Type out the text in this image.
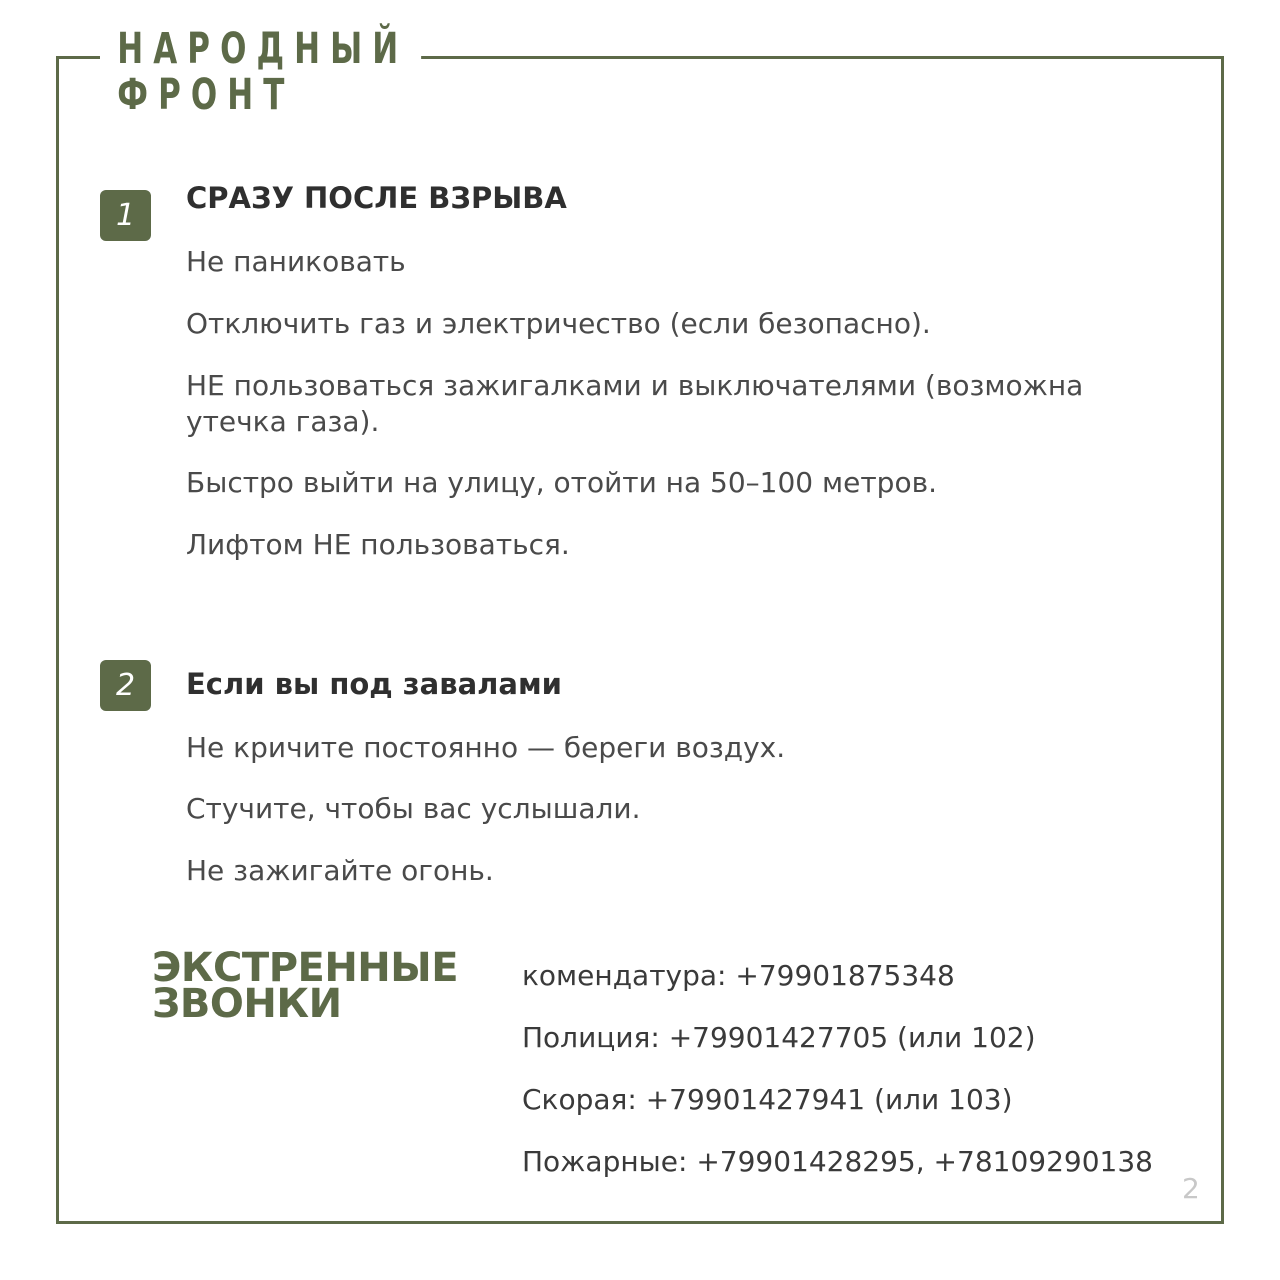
НАРОДНЫЙ
ФРОНТ
1	СРАЗУ ПОСЛЕ ВЗРЫВА
Не паниковать
Отключить газ и электричество (если безопасно).
НЕ пользоваться зажигалками и выключателями (возможна утечка газа).
Быстро выйти на улицу, отойти на 50–100 метров.
Лифтом НЕ пользоваться.
2	Если вы под завалами
Не кричите постоянно — береги воздух.
Стучите, чтобы вас услышали.
Не зажигайте огонь.
ЭКСТРЕННЫЕ
ЗВОНКИ
комендатура: +79901875348
Полиция: +79901427705 (или 102)
Скорая: +79901427941 (или 103)
Пожарные: +79901428295, +78109290138
2
